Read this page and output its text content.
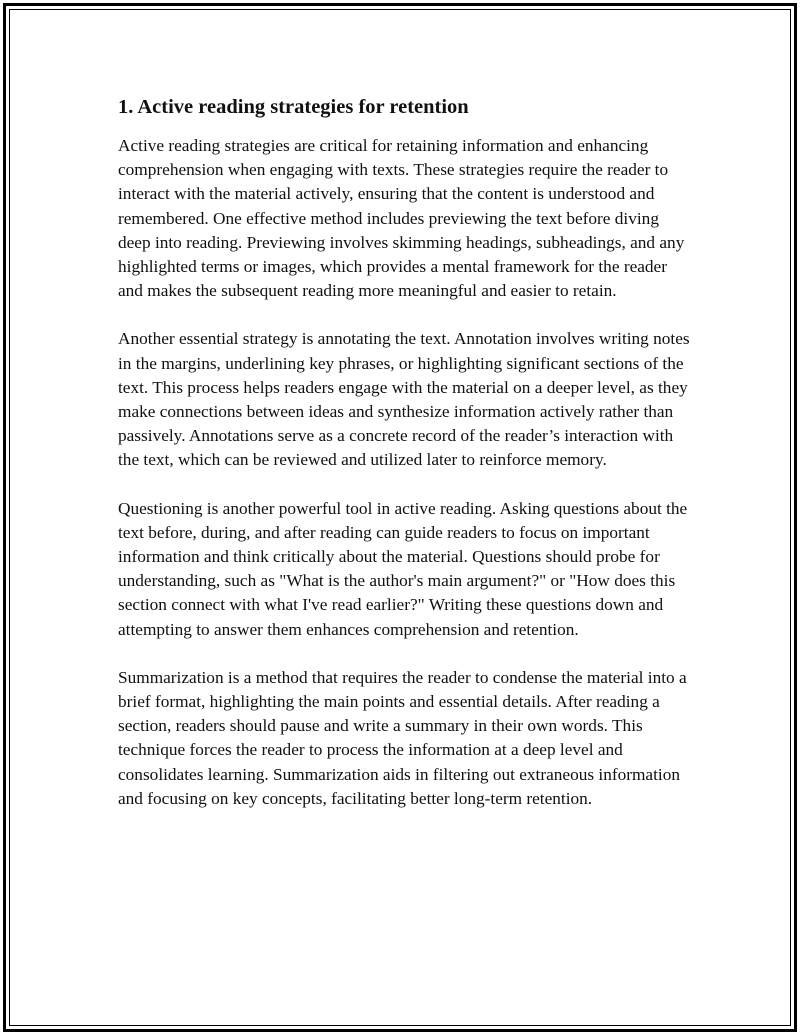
1. Active reading strategies for retention

Active reading strategies are critical for retaining information and enhancing comprehension when engaging with texts. These strategies require the reader to interact with the material actively, ensuring that the content is understood and remembered. One effective method includes previewing the text before diving deep into reading. Previewing involves skimming headings, subheadings, and any highlighted terms or images, which provides a mental framework for the reader and makes the subsequent reading more meaningful and easier to retain.

Another essential strategy is annotating the text. Annotation involves writing notes in the margins, underlining key phrases, or highlighting significant sections of the text. This process helps readers engage with the material on a deeper level, as they make connections between ideas and synthesize information actively rather than passively. Annotations serve as a concrete record of the reader’s interaction with the text, which can be reviewed and utilized later to reinforce memory.

Questioning is another powerful tool in active reading. Asking questions about the text before, during, and after reading can guide readers to focus on important information and think critically about the material. Questions should probe for understanding, such as "What is the author's main argument?" or "How does this section connect with what I've read earlier?" Writing these questions down and attempting to answer them enhances comprehension and retention.

Summarization is a method that requires the reader to condense the material into a brief format, highlighting the main points and essential details. After reading a section, readers should pause and write a summary in their own words. This technique forces the reader to process the information at a deep level and consolidates learning. Summarization aids in filtering out extraneous information and focusing on key concepts, facilitating better long-term retention.
